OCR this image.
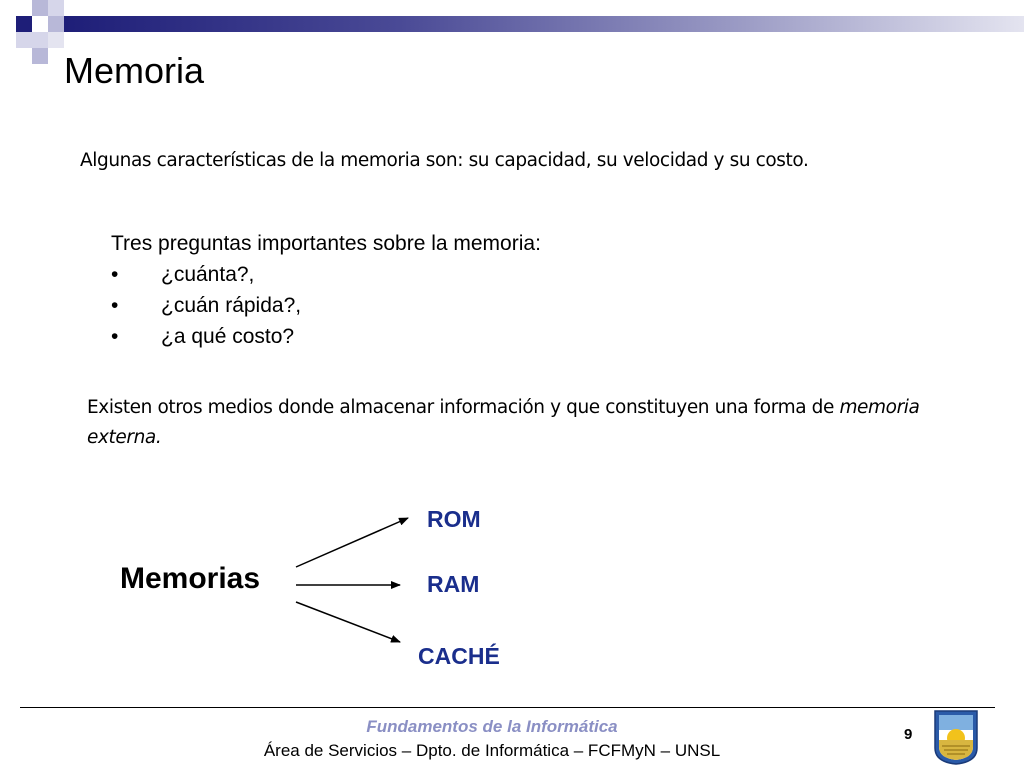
Memoria
Algunas características de la memoria son: su capacidad, su velocidad y su costo.
Tres preguntas importantes sobre la memoria:
• ¿cuánta?,
• ¿cuán rápida?,
• ¿a qué costo?
Existen otros medios donde almacenar información y que constituyen una forma de memoria externa.
Memorias
ROM
RAM
CACHÉ
Fundamentos de la Informática
Área de Servicios – Dpto. de Informática – FCFMyN – UNSL
9
